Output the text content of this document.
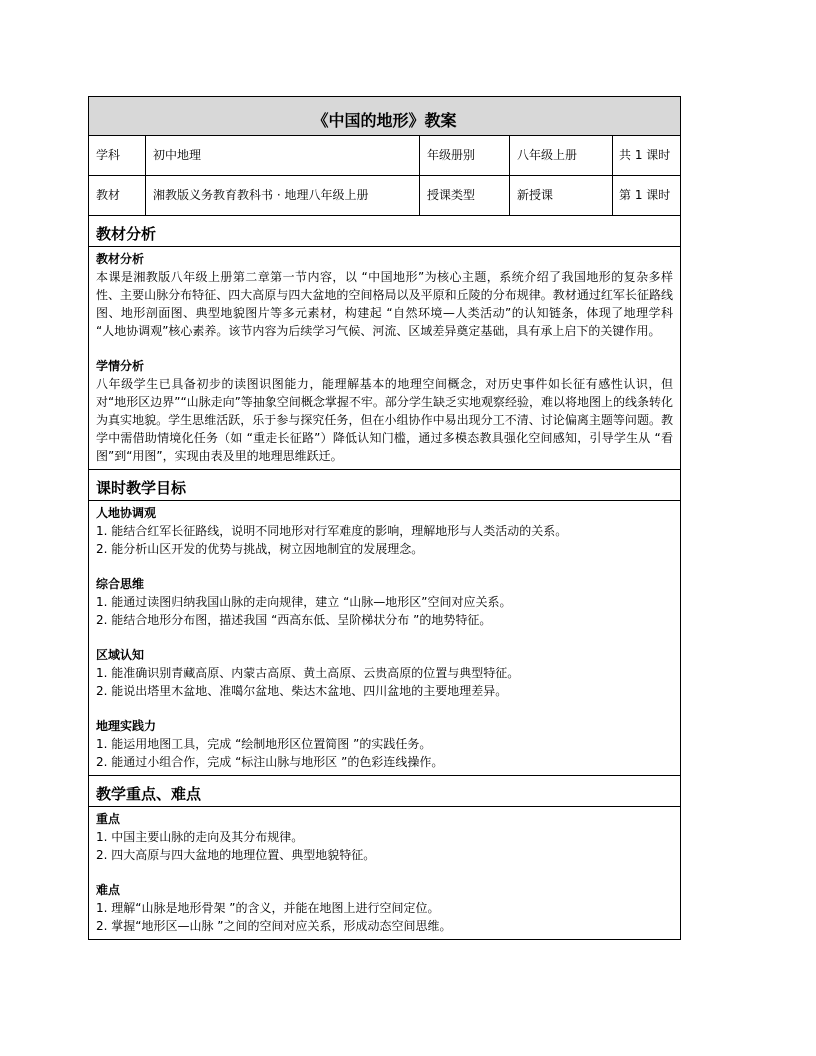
《中国的地形》教案
学科	初中地理	年级册别	八年级上册	共 1 课时
教材	湘教版义务教育教科书 · 地理八年级上册	授课类型	新授课	第 1 课时
教材分析
教材分析
本课是湘教版八年级上册第二章第一节内容，以 “中国地形”为核心主题，系统介绍了我国地形的复杂多样性、主要山脉分布特征、四大高原与四大盆地的空间格局以及平原和丘陵的分布规律。教材通过红军长征路线图、地形剖面图、典型地貌图片等多元素材，构建起 “自然环境—人类活动”的认知链条，体现了地理学科 “人地协调观”核心素养。该节内容为后续学习气候、河流、区域差异奠定基础，具有承上启下的关键作用。
学情分析
八年级学生已具备初步的读图识图能力，能理解基本的地理空间概念，对历史事件如长征有感性认识，但对“地形区边界”“山脉走向”等抽象空间概念掌握不牢。部分学生缺乏实地观察经验，难以将地图上的线条转化为真实地貌。学生思维活跃，乐于参与探究任务，但在小组协作中易出现分工不清、讨论偏离主题等问题。教学中需借助情境化任务（如 “重走长征路”）降低认知门槛，通过多模态教具强化空间感知，引导学生从 “看图”到“用图”，实现由表及里的地理思维跃迁。
课时教学目标
人地协调观
1. 能结合红军长征路线，说明不同地形对行军难度的影响，理解地形与人类活动的关系。
2. 能分析山区开发的优势与挑战，树立因地制宜的发展理念。
综合思维
1. 能通过读图归纳我国山脉的走向规律，建立 “山脉—地形区”空间对应关系。
2. 能结合地形分布图，描述我国 “西高东低、呈阶梯状分布 ”的地势特征。
区域认知
1. 能准确识别青藏高原、内蒙古高原、黄土高原、云贵高原的位置与典型特征。
2. 能说出塔里木盆地、准噶尔盆地、柴达木盆地、四川盆地的主要地理差异。
地理实践力
1. 能运用地图工具，完成 “绘制地形区位置简图 ”的实践任务。
2. 能通过小组合作，完成 “标注山脉与地形区 ”的色彩连线操作。
教学重点、难点
重点
1. 中国主要山脉的走向及其分布规律。
2. 四大高原与四大盆地的地理位置、典型地貌特征。
难点
1. 理解“山脉是地形骨架 ”的含义，并能在地图上进行空间定位。
2. 掌握“地形区—山脉 ”之间的空间对应关系，形成动态空间思维。
